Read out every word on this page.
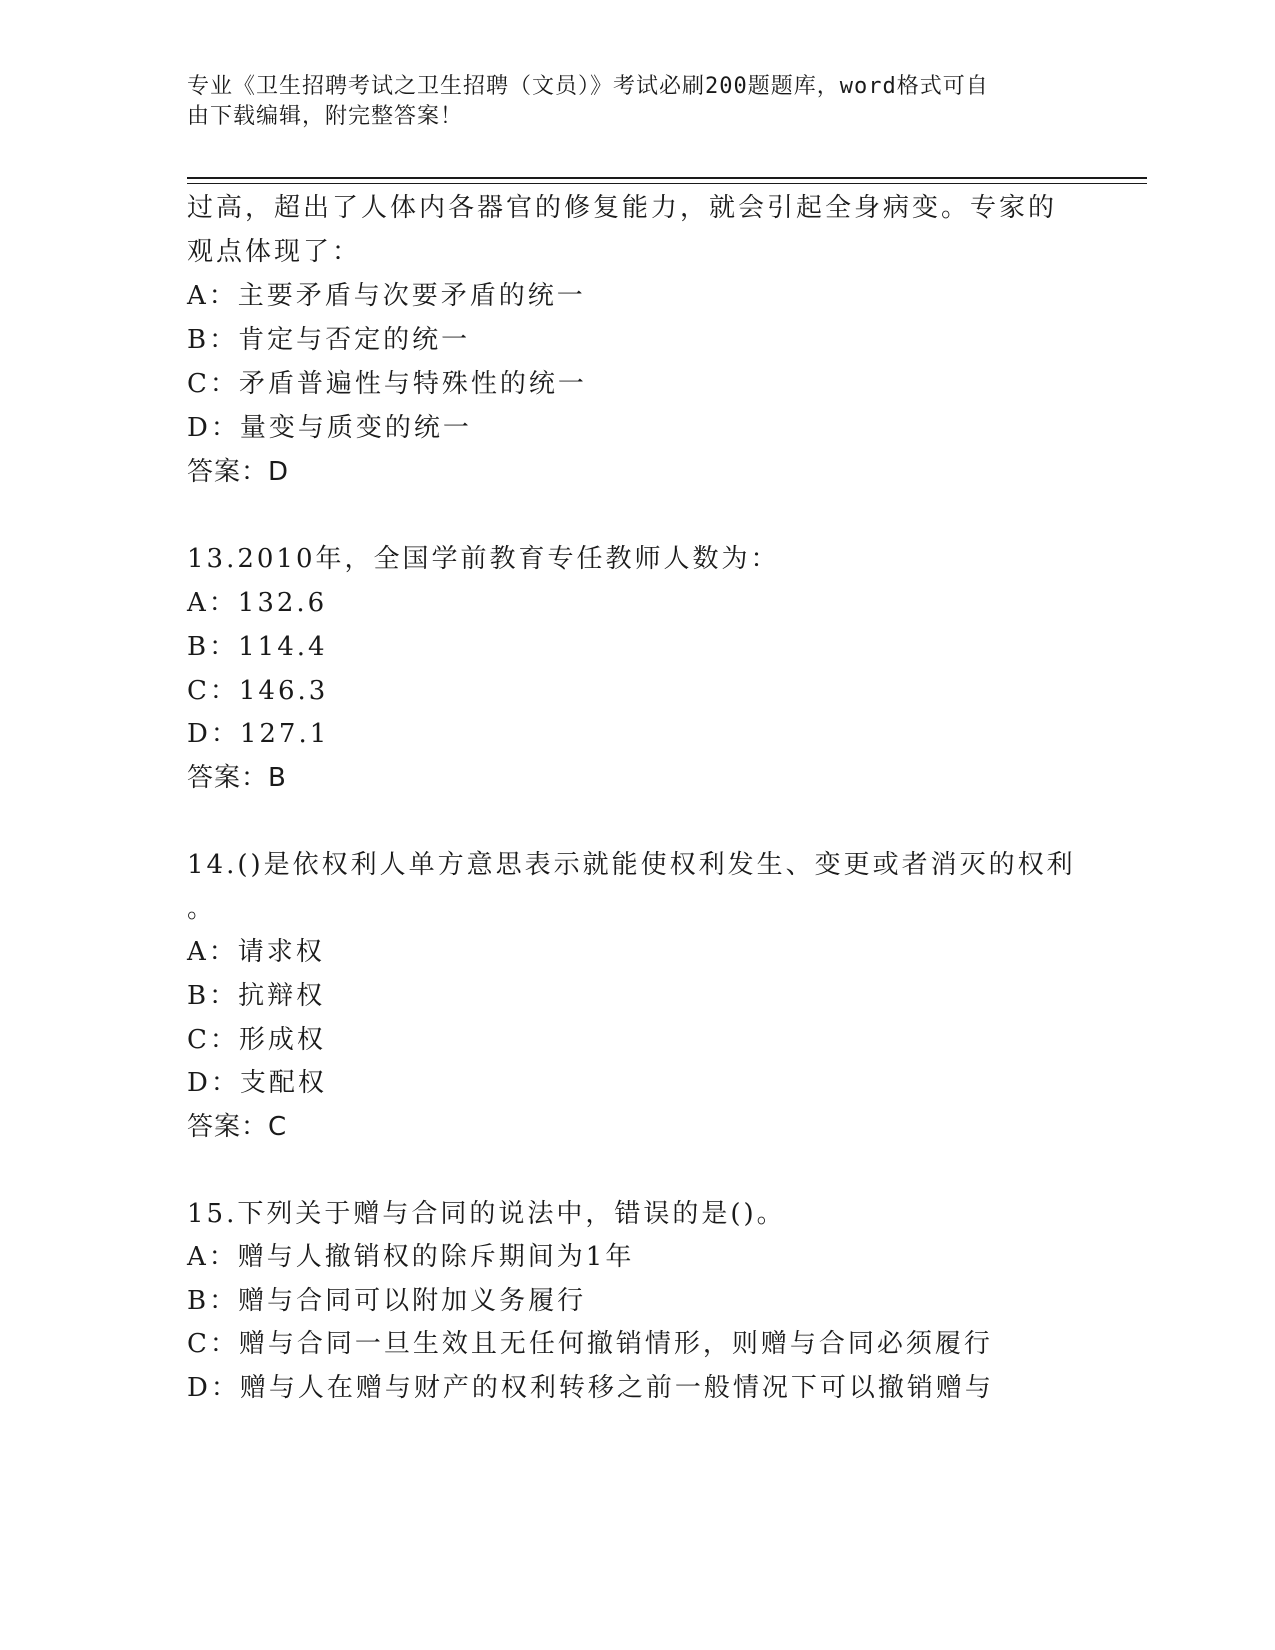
专业《卫生招聘考试之卫生招聘（文员）》考试必刷200题题库，word格式可自
由下载编辑，附完整答案！
过高，超出了人体内各器官的修复能力，就会引起全身病变。专家的
观点体现了：
A：主要矛盾与次要矛盾的统一
B：肯定与否定的统一
C：矛盾普遍性与特殊性的统一
D：量变与质变的统一
答案：D
13.2010年，全国学前教育专任教师人数为：
A：132.6
B：114.4
C：146.3
D：127.1
答案：B
14.()是依权利人单方意思表示就能使权利发生、变更或者消灭的权利
。
A：请求权
B：抗辩权
C：形成权
D：支配权
答案：C
15.下列关于赠与合同的说法中，错误的是()。
A：赠与人撤销权的除斥期间为1年
B：赠与合同可以附加义务履行
C：赠与合同一旦生效且无任何撤销情形，则赠与合同必须履行
D：赠与人在赠与财产的权利转移之前一般情况下可以撤销赠与
